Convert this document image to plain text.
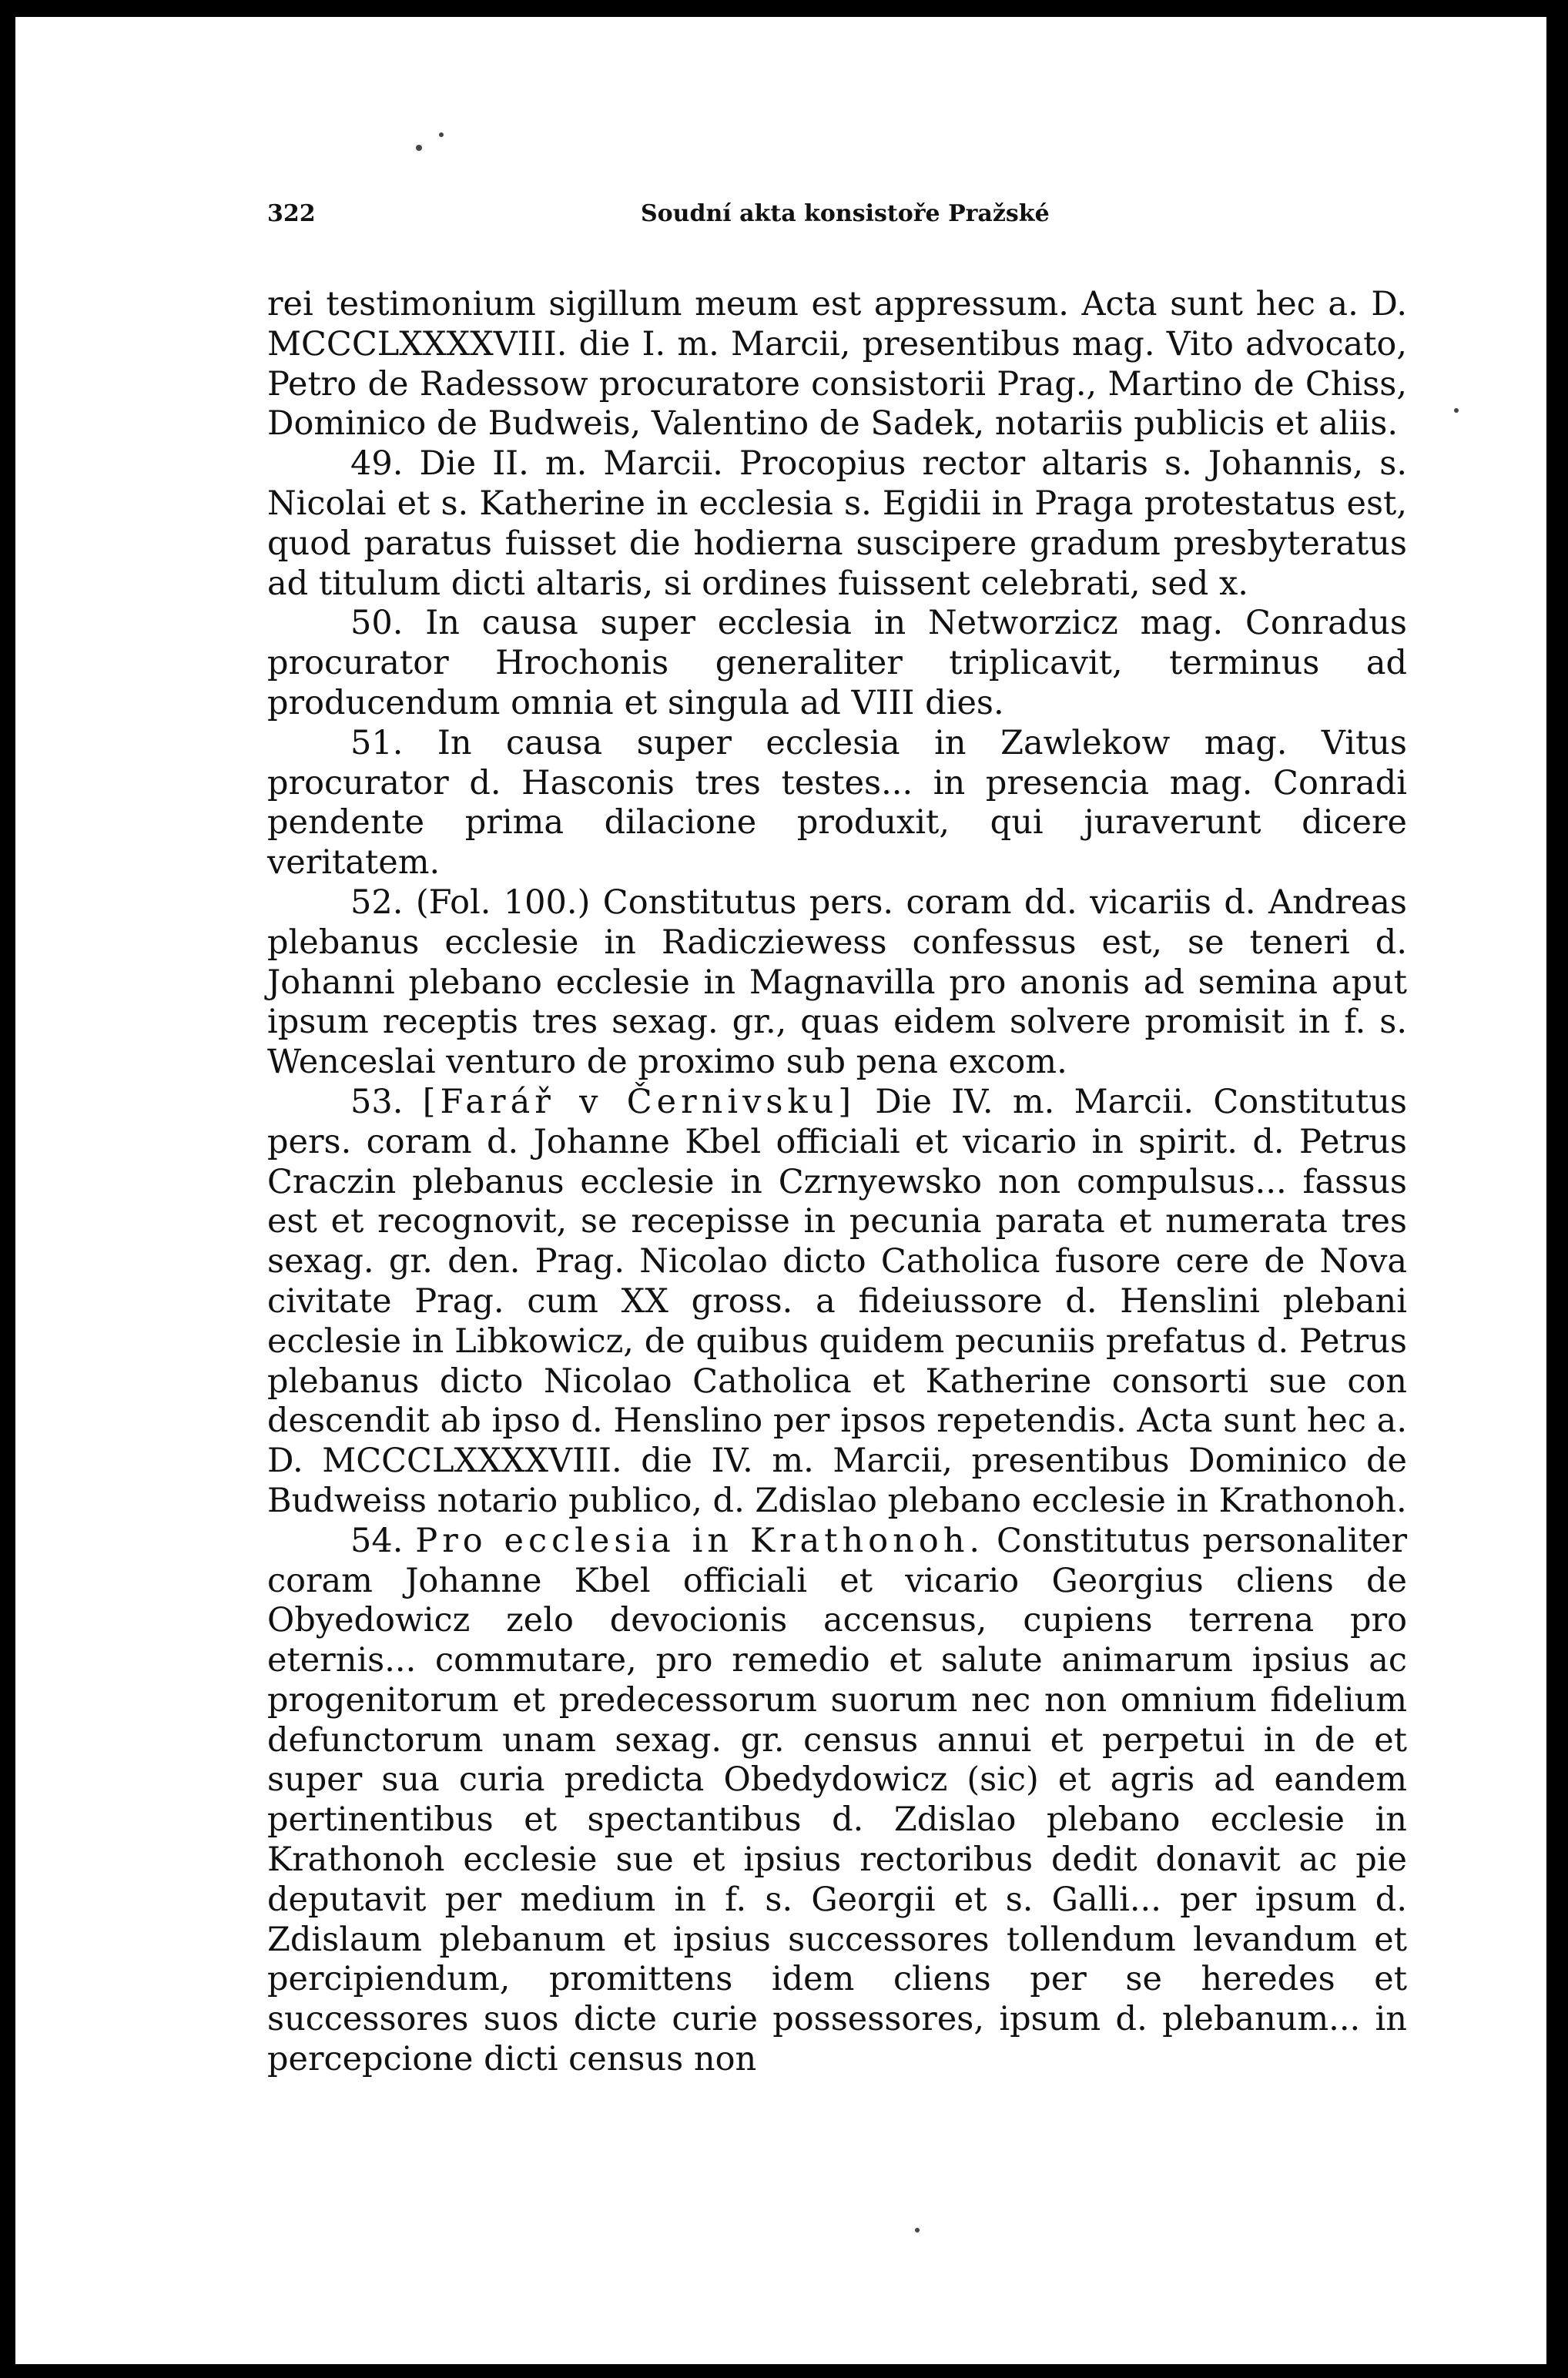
322	Soudní akta konsistoře Pražské

rei testimonium sigillum meum est appressum. Acta sunt hec a. D. MCCCLXXXXVIII. die I. m. Marcii, presentibus mag. Vito advocato, Petro de Radessow procuratore consistorii Prag., Martino de Chiss, Dominico de Budweis, Valentino de Sadek, notariis publicis et aliis.

49. Die II. m. Marcii. Procopius rector altaris s. Johannis, s. Nicolai et s. Katherine in ecclesia s. Egidii in Praga protestatus est, quod paratus fuisset die hodierna suscipere gradum presbyteratus ad titulum dicti altaris, si ordines fuissent celebrati, sed x.

50. In causa super ecclesia in Networzicz mag. Conradus procurator Hrochonis generaliter triplicavit, terminus ad producendum omnia et singula ad VIII dies.

51. In causa super ecclesia in Zawlekow mag. Vitus procurator d. Hasconis tres testes... in presencia mag. Conradi pendente prima dilacione produxit, qui juraverunt dicere veritatem.

52. (Fol. 100.) Constitutus pers. coram dd. vicariis d. Andreas plebanus ecclesie in Radicziewess confessus est, se teneri d. Johanni plebano ecclesie in Magnavilla pro anonis ad semina aput ipsum receptis tres sexag. gr., quas eidem solvere promisit in f. s. Wenceslai venturo de proximo sub pena excom.

53. [Farář v Černivsku] Die IV. m. Marcii. Constitutus pers. coram d. Johanne Kbel officiali et vicario in spirit. d. Petrus Craczin plebanus ecclesie in Czrnyewsko non compulsus... fassus est et recognovit, se recepisse in pecunia parata et numerata tres sexag. gr. den. Prag. Nicolao dicto Catholica fusore cere de Nova civitate Prag. cum XX gross. a fideiussore d. Henslini plebani ecclesie in Libkowicz, de quibus quidem pecuniis prefatus d. Petrus plebanus dicto Nicolao Catholica et Katherine consorti sue con descendit ab ipso d. Henslino per ipsos repetendis. Acta sunt hec a. D. MCCCLXXXXVIII. die IV. m. Marcii, presentibus Dominico de Budweiss notario publico, d. Zdislao plebano ecclesie in Krathonoh.

54. Pro ecclesia in Krathonoh. Constitutus personaliter coram Johanne Kbel officiali et vicario Georgius cliens de Obyedowicz zelo devocionis accensus, cupiens terrena pro eternis... commutare, pro remedio et salute animarum ipsius ac progenitorum et predecessorum suorum nec non omnium fidelium defunctorum unam sexag. gr. census annui et perpetui in de et super sua curia predicta Obedydowicz (sic) et agris ad eandem pertinentibus et spectantibus d. Zdislao plebano ecclesie in Krathonoh ecclesie sue et ipsius rectoribus dedit donavit ac pie deputavit per medium in f. s. Georgii et s. Galli... per ipsum d. Zdislaum plebanum et ipsius successores tollendum levandum et percipiendum, promittens idem cliens per se heredes et successores suos dicte curie possessores, ipsum d. plebanum... in percepcione dicti census non
